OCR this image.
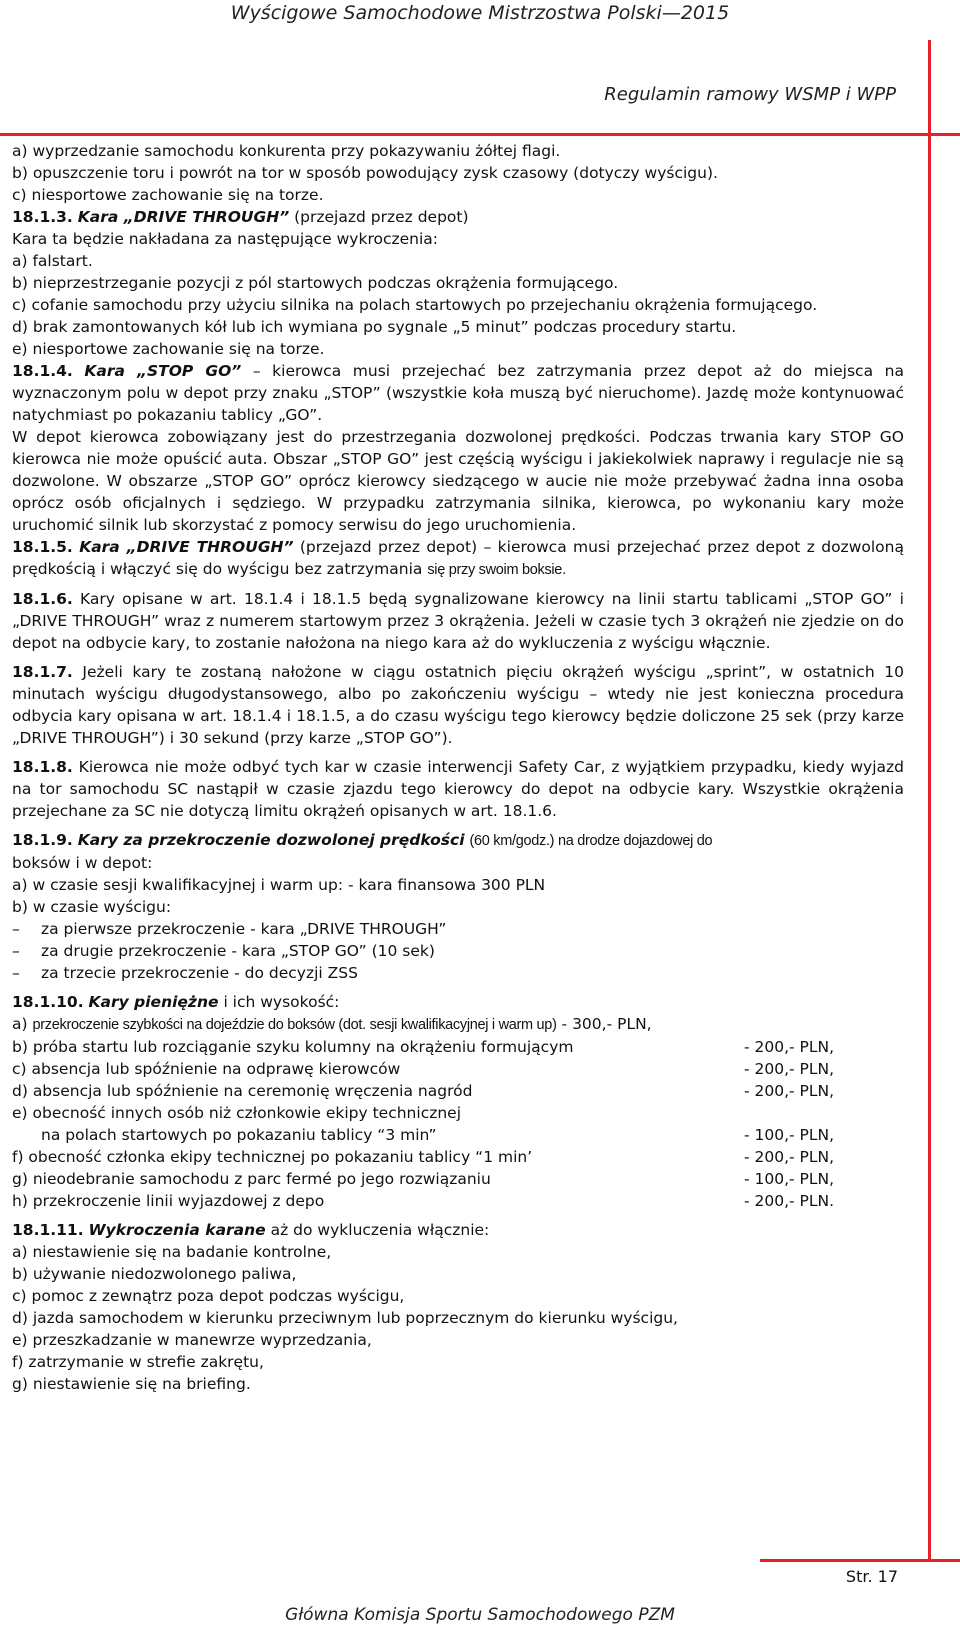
Wyścigowe Samochodowe Mistrzostwa Polski—2015
Regulamin ramowy WSMP i WPP

a) wyprzedzanie samochodu konkurenta przy pokazywaniu żółtej flagi.

b) opuszczenie toru i powrót na tor w sposób powodujący zysk czasowy (dotyczy wyścigu).

c) niesportowe zachowanie się na torze.

18.1.3. Kara „DRIVE THROUGH” (przejazd przez depot)

Kara ta będzie nakładana za następujące wykroczenia:

a) falstart.

b) nieprzestrzeganie pozycji z pól startowych podczas okrążenia formującego.

c) cofanie samochodu przy użyciu silnika na polach startowych po przejechaniu okrążenia formującego.

d) brak zamontowanych kół lub ich wymiana po sygnale „5 minut” podczas procedury startu.

e) niesportowe zachowanie się na torze.

18.1.4. Kara „STOP GO” – kierowca musi przejechać bez zatrzymania przez depot aż do miejsca na wyznaczonym polu w depot przy znaku „STOP” (wszystkie koła muszą być nieruchome). Jazdę może kontynuować natychmiast po pokazaniu tablicy „GO”.

W depot kierowca zobowiązany jest do przestrzegania dozwolonej prędkości. Podczas trwania kary STOP GO kierowca nie może opuścić auta. Obszar „STOP GO” jest częścią wyścigu i jakiekolwiek naprawy i regulacje nie są dozwolone. W obszarze „STOP GO” oprócz kierowcy siedzącego w aucie nie może przebywać żadna inna osoba oprócz osób oficjalnych i sędziego. W przypadku zatrzymania silnika, kierowca, po wykonaniu kary może uruchomić silnik lub skorzystać z pomocy serwisu do jego uruchomienia.

18.1.5. Kara „DRIVE THROUGH” (przejazd przez depot) – kierowca musi przejechać przez depot z dozwoloną prędkością i włączyć się do wyścigu bez zatrzymania się przy swoim boksie.

18.1.6. Kary opisane w art. 18.1.4 i 18.1.5 będą sygnalizowane kierowcy na linii startu tablicami „STOP GO” i „DRIVE THROUGH” wraz z numerem startowym przez 3 okrążenia. Jeżeli w czasie tych 3 okrążeń nie zjedzie on do depot na odbycie kary, to zostanie nałożona na niego kara aż do wykluczenia z wyścigu włącznie.

18.1.7. Jeżeli kary te zostaną nałożone w ciągu ostatnich pięciu okrążeń wyścigu „sprint”, w ostatnich 10 minutach wyścigu długodystansowego, albo po zakończeniu wyścigu – wtedy nie jest konieczna procedura odbycia kary opisana w art. 18.1.4 i 18.1.5, a do czasu wyścigu tego kierowcy będzie doliczone 25 sek (przy karze „DRIVE THROUGH”) i 30 sekund (przy karze „STOP GO”).

18.1.8. Kierowca nie może odbyć tych kar w czasie interwencji Safety Car, z wyjątkiem przypadku, kiedy wyjazd na tor samochodu SC nastąpił w czasie zjazdu tego kierowcy do depot na odbycie kary. Wszystkie okrążenia przejechane za SC nie dotyczą limitu okrążeń opisanych w art. 18.1.6.

18.1.9. Kary za przekroczenie dozwolonej prędkości (60 km/godz.) na drodze dojazdowej do

boksów i w depot:

a) w czasie sesji kwalifikacyjnej i warm up: - kara finansowa 300 PLN

b) w czasie wyścigu:

– za pierwsze przekroczenie - kara „DRIVE THROUGH”

– za drugie przekroczenie - kara „STOP GO” (10 sek)

– za trzecie przekroczenie - do decyzji ZSS

18.1.10. Kary pieniężne i ich wysokość:

a) przekroczenie szybkości na dojeździe do boksów (dot. sesji kwalifikacyjnej i warm up) - 300,- PLN,

b) próba startu lub rozciąganie szyku kolumny na okrążeniu formującym	- 200,- PLN,

c) absencja lub spóźnienie na odprawę kierowców	- 200,- PLN,

d) absencja lub spóźnienie na ceremonię wręczenia nagród	- 200,- PLN,

e) obecność innych osób niż członkowie ekipy technicznej

na polach startowych po pokazaniu tablicy “3 min”	- 100,- PLN,

f) obecność członka ekipy technicznej po pokazaniu tablicy “1 min’	- 200,- PLN,

g) nieodebranie samochodu z parc fermé po jego rozwiązaniu	- 100,- PLN,

h) przekroczenie linii wyjazdowej z depo	- 200,- PLN.

18.1.11. Wykroczenia karane aż do wykluczenia włącznie:

a) niestawienie się na badanie kontrolne,

b) używanie niedozwolonego paliwa,

c) pomoc z zewnątrz poza depot podczas wyścigu,

d) jazda samochodem w kierunku przeciwnym lub poprzecznym do kierunku wyścigu,

e) przeszkadzanie w manewrze wyprzedzania,

f) zatrzymanie w strefie zakrętu,

g) niestawienie się na briefing.

Str. 17
Główna Komisja Sportu Samochodowego PZM
